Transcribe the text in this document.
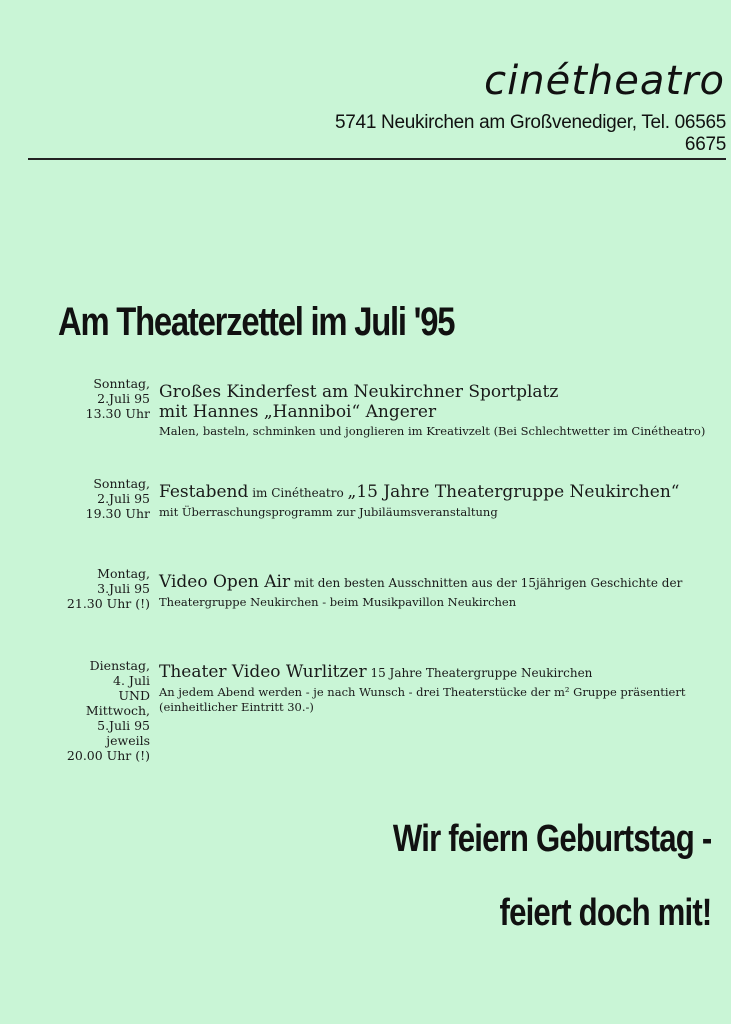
cinétheatro
5741 Neukirchen am Großvenediger, Tel. 06565 6675
Am Theaterzettel im Juli '95
Sonntag,
2.Juli 95
13.30 Uhr
Großes Kinderfest am Neukirchner Sportplatz
mit Hannes „Hanniboi“ Angerer
Malen, basteln, schminken und jonglieren im Kreativzelt (Bei Schlechtwetter im Cinétheatro)
Sonntag,
2.Juli 95
19.30 Uhr
Festabend im Cinétheatro „15 Jahre Theatergruppe Neukirchen“
mit Überraschungsprogramm zur Jubiläumsveranstaltung
Montag,
3.Juli 95
21.30 Uhr (!)
Video Open Air mit den besten Ausschnitten aus der 15jährigen Geschichte der
Theatergruppe Neukirchen - beim Musikpavillon Neukirchen
Dienstag,
4. Juli
UND
Mittwoch,
5.Juli 95
jeweils
20.00 Uhr (!)
Theater Video Wurlitzer 15 Jahre Theatergruppe Neukirchen
An jedem Abend werden - je nach Wunsch - drei Theaterstücke der m² Gruppe präsentiert (einheitlicher Eintritt 30.-)
Wir feiern Geburtstag -
feiert doch mit!
